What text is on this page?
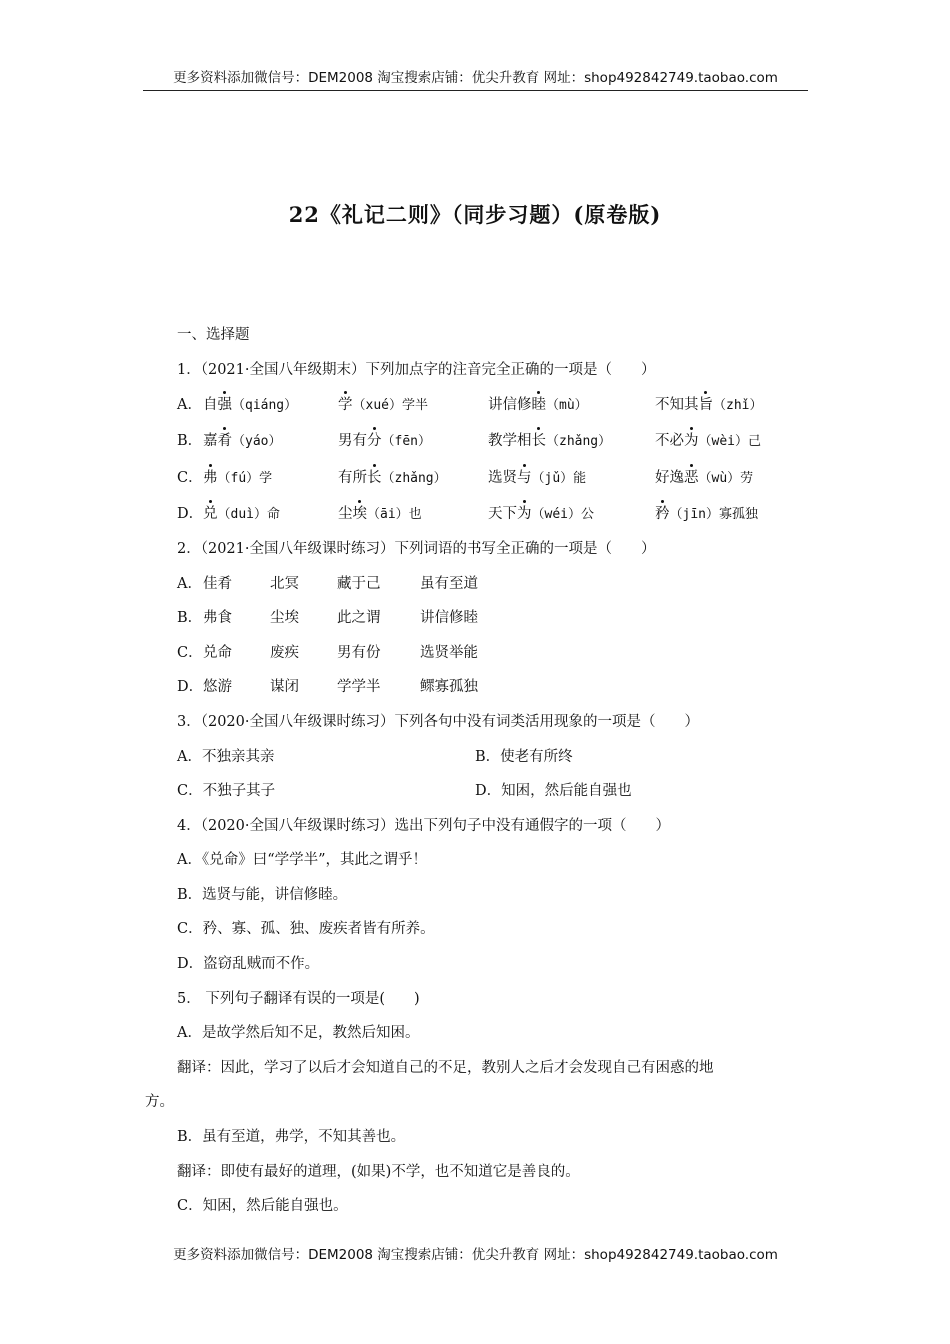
更多资料添加微信号：DEM2008 淘宝搜索店铺：优尖升教育 网址：shop492842749.taobao.com
22《礼记二则》（同步习题）(原卷版)
一、选择题
1．（2021·全国八年级期末）下列加点字的注音完全正确的一项是（　　）
A． 自强（qiáng）	学（xué）学半	讲信修睦（mù）	不知其旨（zhǐ）
B． 嘉肴（yáo）	男有分（fēn）	教学相长（zhǎng）	不必为（wèi）己
C． 弗（fú）学	有所长（zhǎng）	选贤与（jǔ）能	好逸恶（wù）劳
D． 兑（duì）命	尘埃（āi）也	天下为（wéi）公	矜（jīn）寡孤独
2．（2021·全国八年级课时练习）下列词语的书写全正确的一项是（　　）
A． 佳肴	北冥	藏于己	虽有至道
B． 弗食	尘埃	此之谓	讲信修睦
C． 兑命	废疾	男有份	选贤举能
D． 悠游	谋闭	学学半	鳏寡孤独
3．（2020·全国八年级课时练习）下列各句中没有词类活用现象的一项是（　　）
A．不独亲其亲	B．使老有所终
C．不独子其子	D．知困，然后能自强也
4．（2020·全国八年级课时练习）选出下列句子中没有通假字的一项（　　）
A．《兑命》曰“学学半”，其此之谓乎！
B．选贤与能，讲信修睦。
C．矜、寡、孤、独、废疾者皆有所养。
D．盗窃乱贼而不作。
5． 下列句子翻译有误的一项是(　　)
A．是故学然后知不足，教然后知困。
翻译：因此，学习了以后才会知道自己的不足，教别人之后才会发现自己有困惑的地
方。
B．虽有至道，弗学，不知其善也。
翻译：即使有最好的道理，(如果)不学，也不知道它是善良的。
C．知困，然后能自强也。
更多资料添加微信号：DEM2008 淘宝搜索店铺：优尖升教育 网址：shop492842749.taobao.com
